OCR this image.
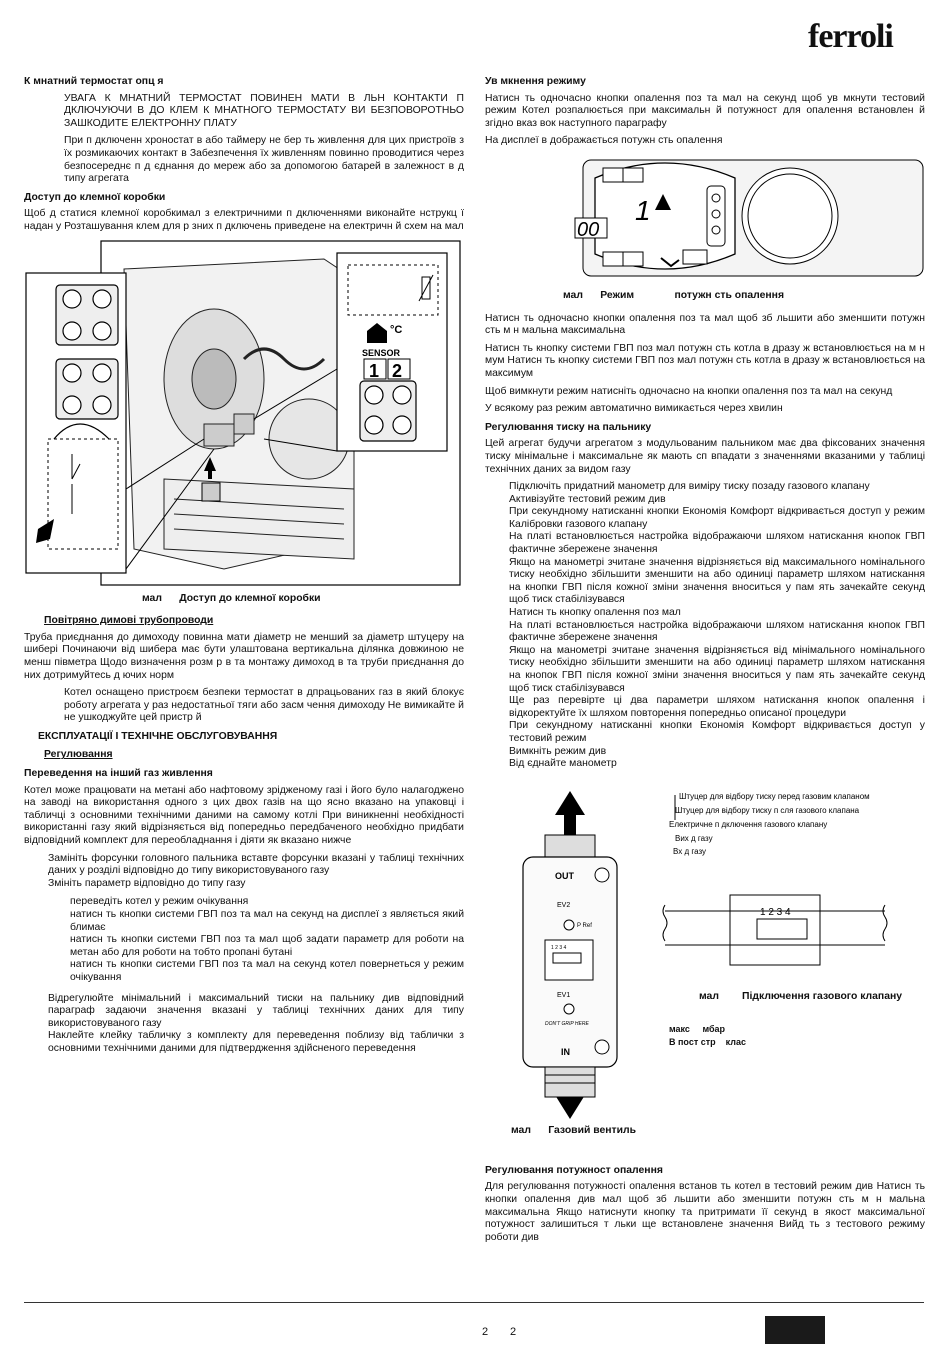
ferroli
К мнатний термостат опц я
УВАГА К МНАТНИЙ ТЕРМОСТАТ ПОВИНЕН МАТИ В ЛЬН КОНТАКТИ П ДКЛЮЧУЮЧИ В ДО КЛЕМ К МНАТНОГО ТЕРМОСТАТУ ВИ БЕЗПОВОРОТНЬО ЗАШКОДИТЕ ЕЛЕКТРОННУ ПЛАТУ
При п дключенн хроностат в або таймеру не бер ть живлення для цих пристроїв з їх розмикаючих контакт в Забезпечення їх живленням повинно проводитися через безпосереднє п д єднання до мереж або за допомогою батарей в залежност в д типу агрегата
Доступ до клемної коробки
Щоб д статися клемної коробкимал з електричними п дключеннями виконайте нструкц ї надан у Розташування клем для р зних п дключень приведене на електричн й схем на мал
°C
SENSOR
1 2
мал Доступ до клемної коробки
Повітряно димові трубопроводи
Труба приєднання до димоходу повинна мати діаметр не менший за діаметр штуцеру на шибері Починаючи від шибера має бути улаштована вертикальна ділянка довжиною не менш півметра Щодо визначення розм р в та монтажу димоход в та труби приєднання до них дотримуйтесь д ючих норм
Котел оснащено пристроєм безпеки термостат в дпрацьованих газ в який блокує роботу агрегата у раз недостатньої тяги або засм чення димоходу Не вимикайте й не ушкоджуйте цей пристр й
ЕКСПЛУАТАЦІЇ І ТЕХНІЧНЕ ОБСЛУГОВУВАННЯ
Регулювання
Переведення на інший газ живлення
Котел може працювати на метані або нафтовому зрідженому газі і його було налагоджено на заводі на використання одного з цих двох газів на що ясно вказано на упаковці і табличці з основними технічними даними на самому котлі При виникненні необхідності використанні газу який відрізняється від попередньо передбаченого необхідно придбати відповідний комплект для переобладнання і діяти як вказано нижче
Замініть форсунки головного пальника вставте форсунки вказані у таблиці технічних даних у розділі відповідно до типу використовуваного газу
Змініть параметр відповідно до типу газу
переведіть котел у режим очікування
натисн ть кнопки системи ГВП поз та мал на секунд на дисплеї з являється який блимає
натисн ть кнопки системи ГВП поз та мал щоб задати параметр для роботи на метан або для роботи на тобто пропані бутані
натисн ть кнопки системи ГВП поз та мал на секунд котел повернеться у режим очікування
Відрегулюйте мінімальний і максимальний тиски на пальнику див відповідний параграф задаючи значення вказані у таблиці технічних даних для типу використовуваного газу
Наклейте клейку табличку з комплекту для переведення поблизу від таблички з основними технічними даними для підтвердження здійсненого переведення
Ув мкнення режиму
Натисн ть одночасно кнопки опалення поз та мал на секунд щоб ув мкнути тестовий режим Котел розпалюється при максимальн й потужност для опалення встановлен й згідно вказ вок наступного параграфу
На дисплеї в дображається потужн сть опалення
00
1
мал Режим	потужн сть опалення
Натисн ть одночасно кнопки опалення поз та мал щоб зб льшити або зменшити потужн сть м н мальна максимальна
Натисн ть кнопку системи ГВП поз мал потужн сть котла в дразу ж встановлюється на м н мум Натисн ть кнопку системи ГВП поз мал потужн сть котла в дразу ж встановлюється на максимум
Щоб вимкнути режим натисніть одночасно на кнопки опалення поз та мал на секунд
У всякому раз режим автоматично вимикається через хвилин
Регулювання тиску на пальнику
Цей агрегат будучи агрегатом з модульованим пальником має два фіксованих значення тиску мінімальне і максимальне як мають сп впадати з значеннями вказаними у таблиці технічних даних за видом газу
Підключіть придатний манометр для виміру тиску позаду газового клапану
Активізуйте тестовий режим див
При секундному натисканні кнопки Економія Комфорт відкривається доступ у режим Калібровки газового клапану
На платі встановлюється настройка відображаючи шляхом натискання кнопок ГВП фактичне збережене значення
Якщо на манометрі зчитане значення відрізняється від максимального номінального тиску необхідно збільшити зменшити на або одиниці параметр шляхом натискання на кнопки ГВП після кожної зміни значення вноситься у пам ять зачекайте секунд щоб тиск стабілізувався
Натисн ть кнопку опалення поз мал
На платі встановлюється настройка відображаючи шляхом натискання кнопок ГВП фактичне збережене значення
Якщо на манометрі зчитане значення відрізняється від мінімального номінального тиску необхідно збільшити зменшити на або одиниці параметр шляхом натискання на кнопок ГВП після кожної зміни значення вноситься у пам ять зачекайте секунд щоб тиск стабілізувався
Ще раз перевірте ці два параметри шляхом натискання кнопок опалення і відкоректуйте їх шляхом повторення попередньо описаної процедури
При секундному натисканні кнопки Економія Комфорт відкривається доступ у тестовий режим
Вимкніть режим див
Від єднайте манометр
OUT
IN
EV2
EV1
P Ref
DON'T GRIP HERE
1 2 3 4
Штуцер для відбору тиску перед газовим клапаном
Штуцер для відбору тиску п сля газового клапана
Електричне п дключення газового клапану
Вих д газу
Вх д газу
1 2 3 4
мал Підключення газового клапану
макс мбар
В пост стр клас
мал Газовий вентиль
Регулювання потужност опалення
Для регулювання потужності опалення встанов ть котел в тестовий режим див Натисн ть кнопки опалення див мал щоб зб льшити або зменшити потужн сть м н мальна максимальна Якщо натиснути кнопку та притримати її секунд в якост максимальної потужност залишиться т льки ще встановлене значення Вийд ть з тестового режиму роботи див
2 2
